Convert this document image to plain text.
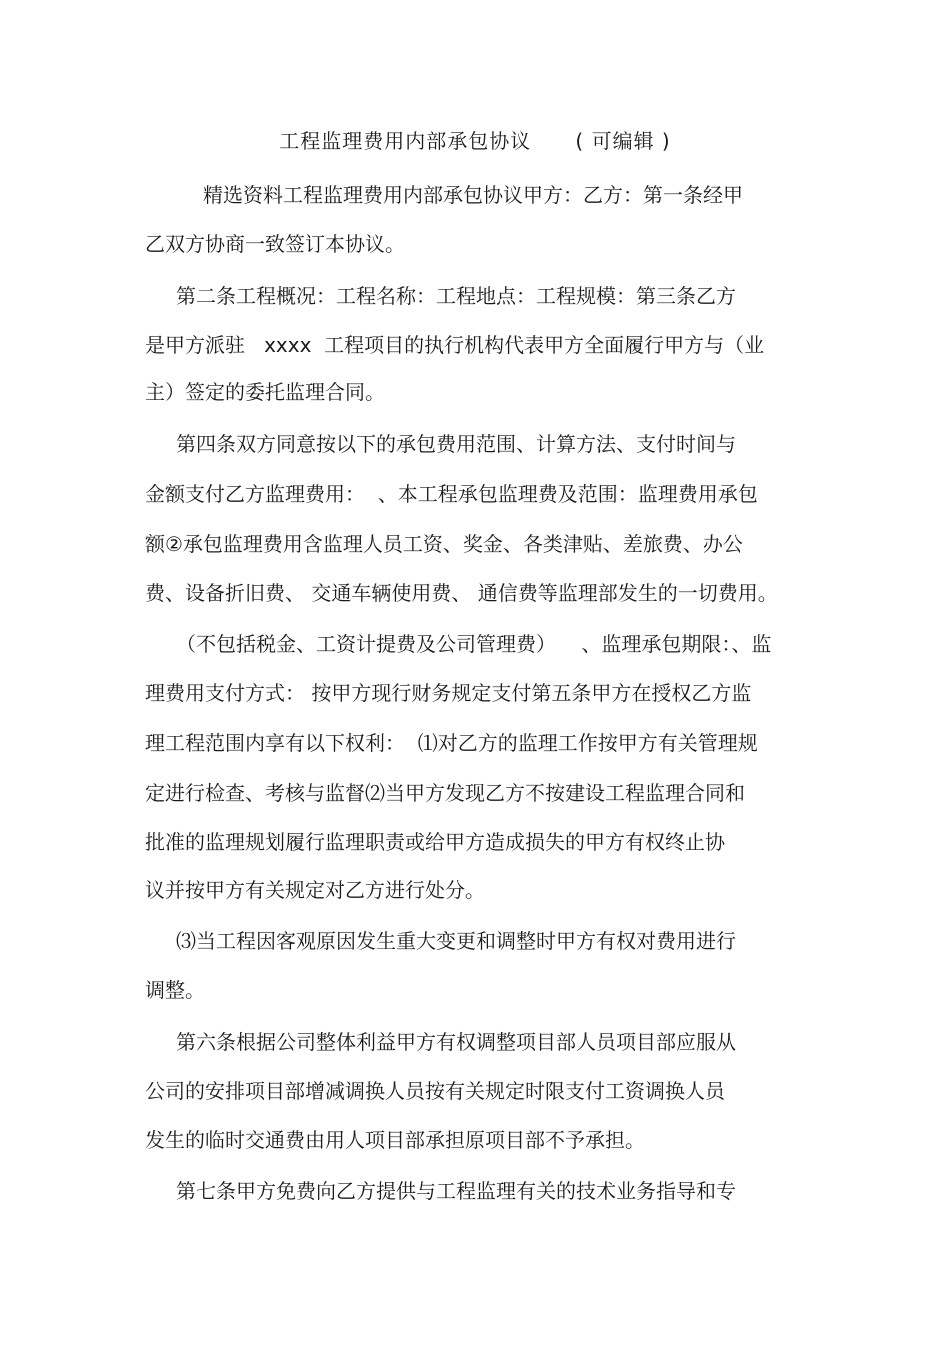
工程监理费用内部承包协议      ( 可编辑 )
精选资料工程监理费用内部承包协议甲方：乙方：第一条经甲
乙双方协商一致签订本协议。
第二条工程概况：工程名称：工程地点：工程规模：第三条乙方
是甲方派驻   xxxx  工程项目的执行机构代表甲方全面履行甲方与（业
主）签定的委托监理合同。
第四条双方同意按以下的承包费用范围、计算方法、支付时间与
金额支付乙方监理费用：  、本工程承包监理费及范围：监理费用承包
额②承包监理费用含监理人员工资、奖金、各类津贴、差旅费、办公
费、设备折旧费、 交通车辆使用费、 通信费等监理部发生的一切费用。
（不包括税金、工资计提费及公司管理费）    、监理承包期限：、监
理费用支付方式： 按甲方现行财务规定支付第五条甲方在授权乙方监
理工程范围内享有以下权利：  ⑴对乙方的监理工作按甲方有关管理规
定进行检查、考核与监督⑵当甲方发现乙方不按建设工程监理合同和
批准的监理规划履行监理职责或给甲方造成损失的甲方有权终止协
议并按甲方有关规定对乙方进行处分。
⑶当工程因客观原因发生重大变更和调整时甲方有权对费用进行
调整。
第六条根据公司整体利益甲方有权调整项目部人员项目部应服从
公司的安排项目部增减调换人员按有关规定时限支付工资调换人员
发生的临时交通费由用人项目部承担原项目部不予承担。
第七条甲方免费向乙方提供与工程监理有关的技术业务指导和专
